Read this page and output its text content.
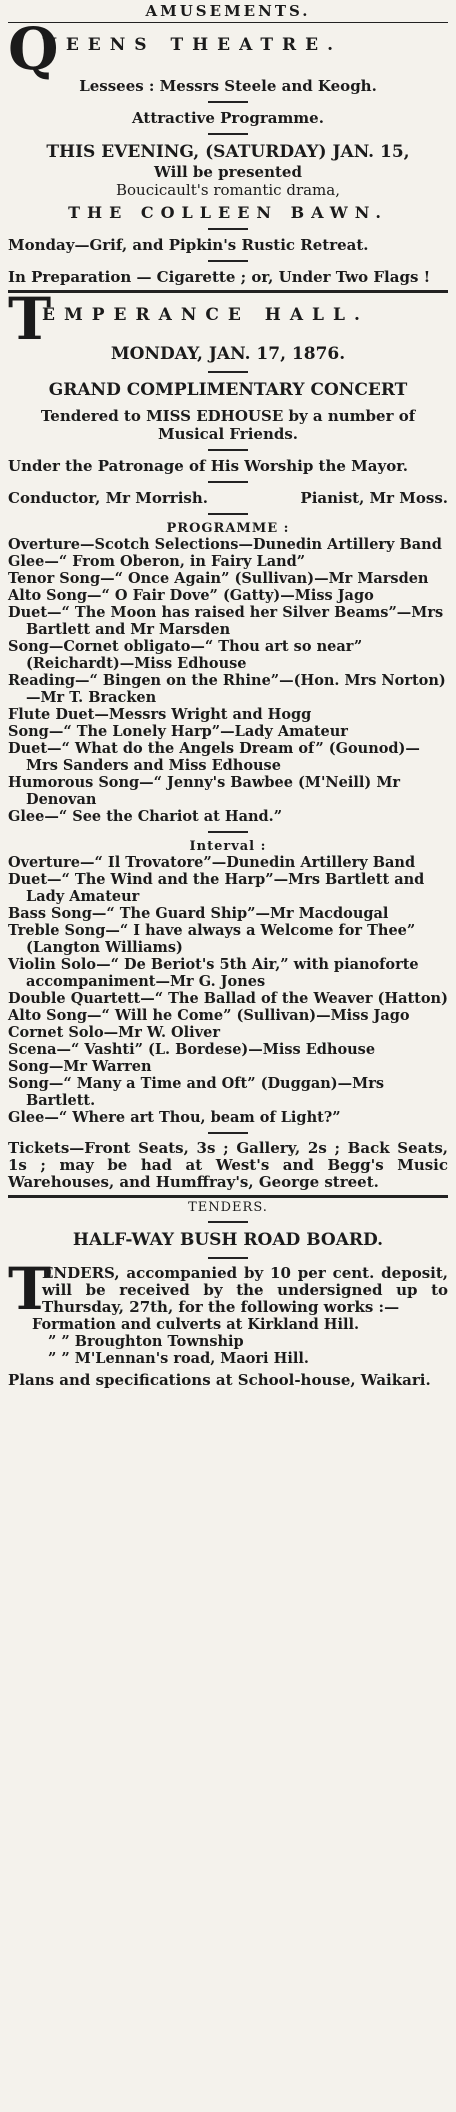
AMUSEMENTS.
Q
UEENS THEATRE.
Lessees : Messrs Steele and Keogh.
Attractive Programme.
THIS EVENING, (SATURDAY) JAN. 15,
Will be presented
Boucicault's romantic drama,
THE COLLEEN BAWN.
Monday—Grif, and Pipkin's Rustic Retreat.
In Preparation — Cigarette ; or, Under Two Flags !
T
EMPERANCE HALL.
MONDAY, JAN. 17, 1876.
GRAND COMPLIMENTARY CONCERT
Tendered to MISS EDHOUSE by a number of Musical Friends.
Under the Patronage of His Worship the Mayor.
Conductor, Mr Morrish.	Pianist, Mr Moss.
PROGRAMME :
Overture—Scotch Selections—Dunedin Artillery Band
Glee—“ From Oberon, in Fairy Land”
Tenor Song—“ Once Again” (Sullivan)—Mr Marsden
Alto Song—“ O Fair Dove” (Gatty)—Miss Jago
Duet—“ The Moon has raised her Silver Beams”—Mrs Bartlett and Mr Marsden
Song—Cornet obligato—“ Thou art so near” (Reichardt)—Miss Edhouse
Reading—“ Bingen on the Rhine”—(Hon. Mrs Norton)—Mr T. Bracken
Flute Duet—Messrs Wright and Hogg
Song—“ The Lonely Harp”—Lady Amateur
Duet—“ What do the Angels Dream of” (Gounod)—Mrs Sanders and Miss Edhouse
Humorous Song—“ Jenny's Bawbee (M'Neill) Mr Denovan
Glee—“ See the Chariot at Hand.”
Interval :
Overture—“ Il Trovatore”—Dunedin Artillery Band
Duet—“ The Wind and the Harp”—Mrs Bartlett and Lady Amateur
Bass Song—“ The Guard Ship”—Mr Macdougal
Treble Song—“ I have always a Welcome for Thee” (Langton Williams)
Violin Solo—“ De Beriot's 5th Air,” with pianoforte accompaniment—Mr G. Jones
Double Quartett—“ The Ballad of the Weaver (Hatton)
Alto Song—“ Will he Come” (Sullivan)—Miss Jago
Cornet Solo—Mr W. Oliver
Scena—“ Vashti” (L. Bordese)—Miss Edhouse
Song—Mr Warren
Song—“ Many a Time and Oft” (Duggan)—Mrs Bartlett.
Glee—“ Where art Thou, beam of Light?”
Tickets—Front Seats, 3s ; Gallery, 2s ; Back Seats, 1s ; may be had at West's and Begg's Music Warehouses, and Humffray's, George street.
TENDERS.
HALF-WAY BUSH ROAD BOARD.
T
ENDERS, accompanied by 10 per cent. deposit, will be received by the undersigned up to Thursday, 27th, for the following works :—
Formation and culverts at Kirkland Hill.
” ” Broughton Township
” ” M'Lennan's road, Maori Hill.
Plans and specifications at School-house, Waikari.
